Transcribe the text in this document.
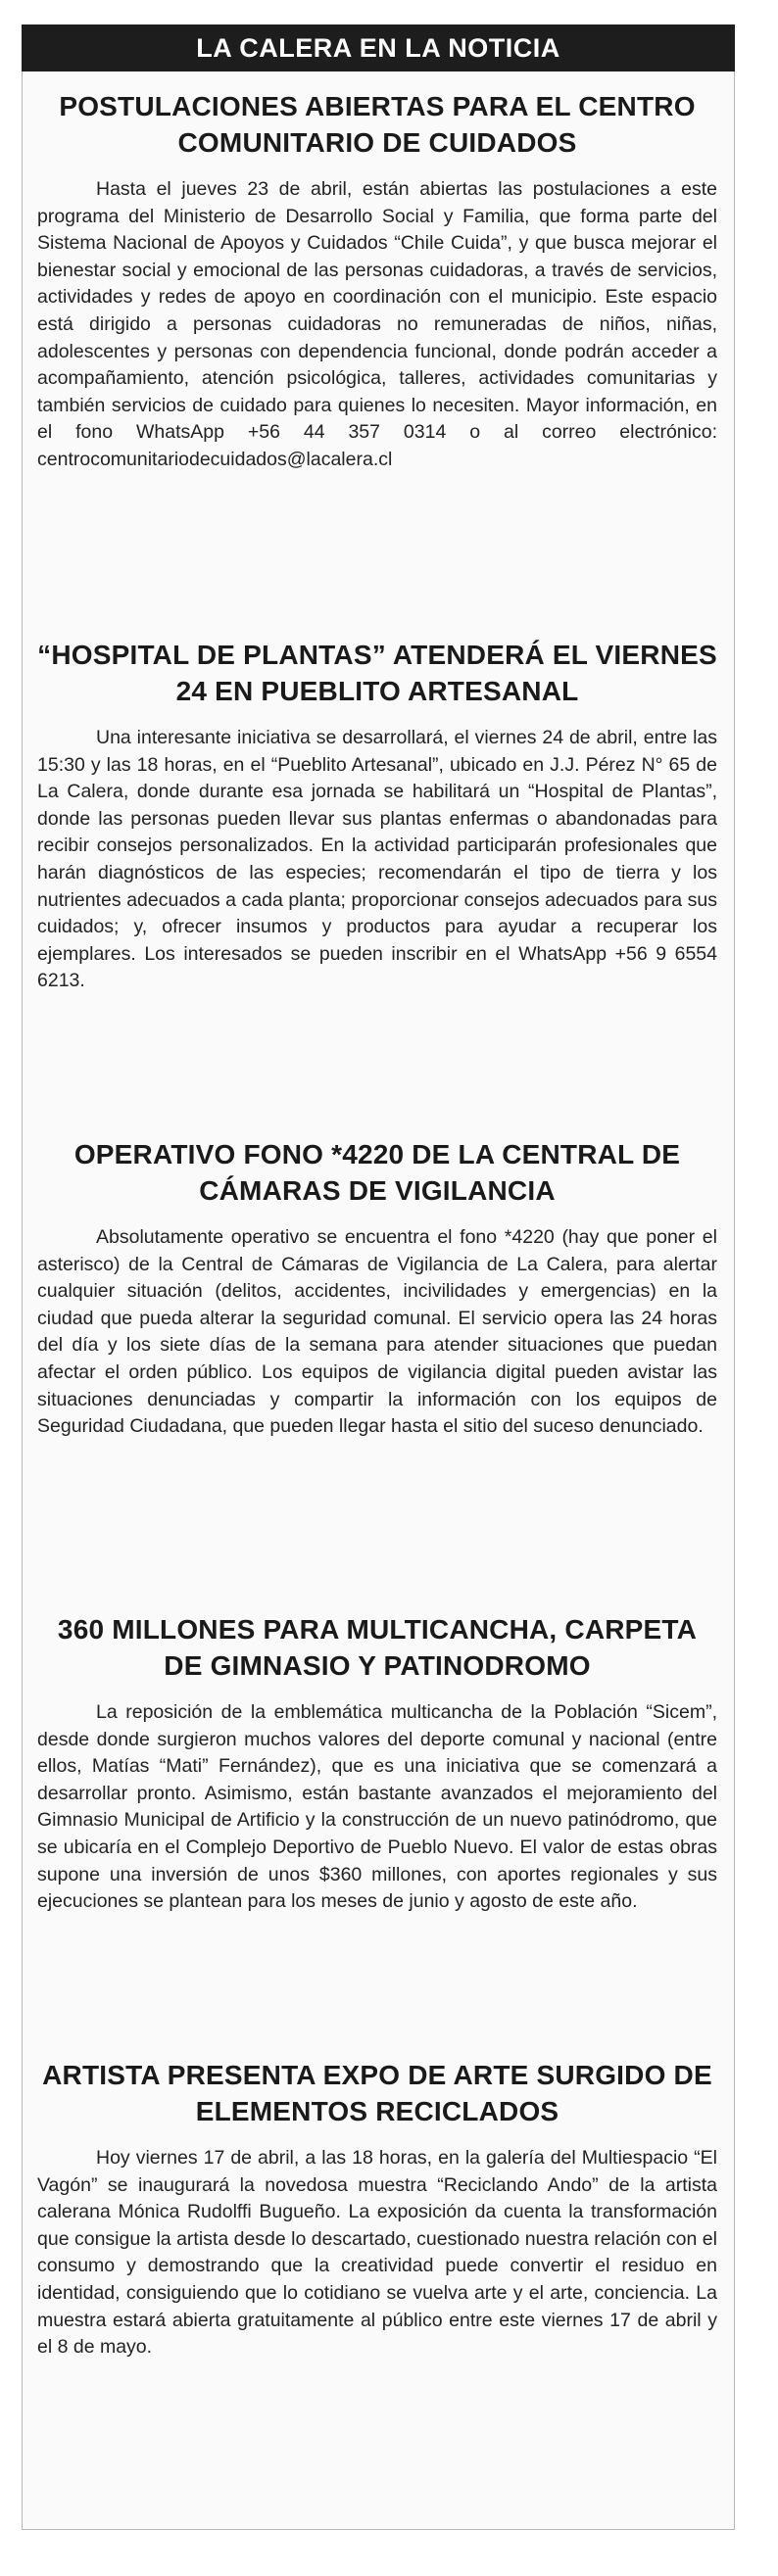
LA CALERA EN LA NOTICIA
POSTULACIONES ABIERTAS PARA EL CENTRO COMUNITARIO DE CUIDADOS

Hasta el jueves 23 de abril, están abiertas las postulaciones a este programa del Ministerio de Desarrollo Social y Familia, que forma parte del Sistema Nacional de Apoyos y Cuidados “Chile Cuida”, y que busca mejorar el bienestar social y emocional de las personas cuidadoras, a través de servicios, actividades y redes de apoyo en coordinación con el municipio. Este espacio está dirigido a personas cuidadoras no remuneradas de niños, niñas, adolescentes y personas con dependencia funcional, donde podrán acceder a acompañamiento, atención psicológica, talleres, actividades comunitarias y también servicios de cuidado para quienes lo necesiten. Mayor información, en el fono WhatsApp +56 44 357 0314 o al correo electrónico: centrocomunitariodecuidados@lacalera.cl

“HOSPITAL DE PLANTAS” ATENDERÁ EL VIERNES 24 EN PUEBLITO ARTESANAL

Una interesante iniciativa se desarrollará, el viernes 24 de abril, entre las 15:30 y las 18 horas, en el “Pueblito Artesanal”, ubicado en J.J. Pérez N° 65 de La Calera, donde durante esa jornada se habilitará un “Hospital de Plantas”, donde las personas pueden llevar sus plantas enfermas o abandonadas para recibir consejos personalizados. En la actividad participarán profesionales que harán diagnósticos de las especies; recomendarán el tipo de tierra y los nutrientes adecuados a cada planta; proporcionar consejos adecuados para sus cuidados; y, ofrecer insumos y productos para ayudar a recuperar los ejemplares. Los interesados se pueden inscribir en el WhatsApp +56 9 6554 6213.

OPERATIVO FONO *4220 DE LA CENTRAL DE CÁMARAS DE VIGILANCIA

Absolutamente operativo se encuentra el fono *4220 (hay que poner el asterisco) de la Central de Cámaras de Vigilancia de La Calera, para alertar cualquier situación (delitos, accidentes, incivilidades y emergencias) en la ciudad que pueda alterar la seguridad comunal. El servicio opera las 24 horas del día y los siete días de la semana para atender situaciones que puedan afectar el orden público. Los equipos de vigilancia digital pueden avistar las situaciones denunciadas y compartir la información con los equipos de Seguridad Ciudadana, que pueden llegar hasta el sitio del suceso denunciado.

360 MILLONES PARA MULTICANCHA, CARPETA DE GIMNASIO Y PATINODROMO

La reposición de la emblemática multicancha de la Población “Sicem”, desde donde surgieron muchos valores del deporte comunal y nacional (entre ellos, Matías “Mati” Fernández), que es una iniciativa que se comenzará a desarrollar pronto. Asimismo, están bastante avanzados el mejoramiento del Gimnasio Municipal de Artificio y la construcción de un nuevo patinódromo, que se ubicaría en el Complejo Deportivo de Pueblo Nuevo. El valor de estas obras supone una inversión de unos $360 millones, con aportes regionales y sus ejecuciones se plantean para los meses de junio y agosto de este año.

ARTISTA PRESENTA EXPO DE ARTE SURGIDO DE ELEMENTOS RECICLADOS

Hoy viernes 17 de abril, a las 18 horas, en la galería del Multiespacio “El Vagón” se inaugurará la novedosa muestra “Reciclando Ando” de la artista calerana Mónica Rudolffi Bugueño. La exposición da cuenta la transformación que consigue la artista desde lo descartado, cuestionado nuestra relación con el consumo y demostrando que la creatividad puede convertir el residuo en identidad, consiguiendo que lo cotidiano se vuelva arte y el arte, conciencia. La muestra estará abierta gratuitamente al público entre este viernes 17 de abril y el 8 de mayo.
